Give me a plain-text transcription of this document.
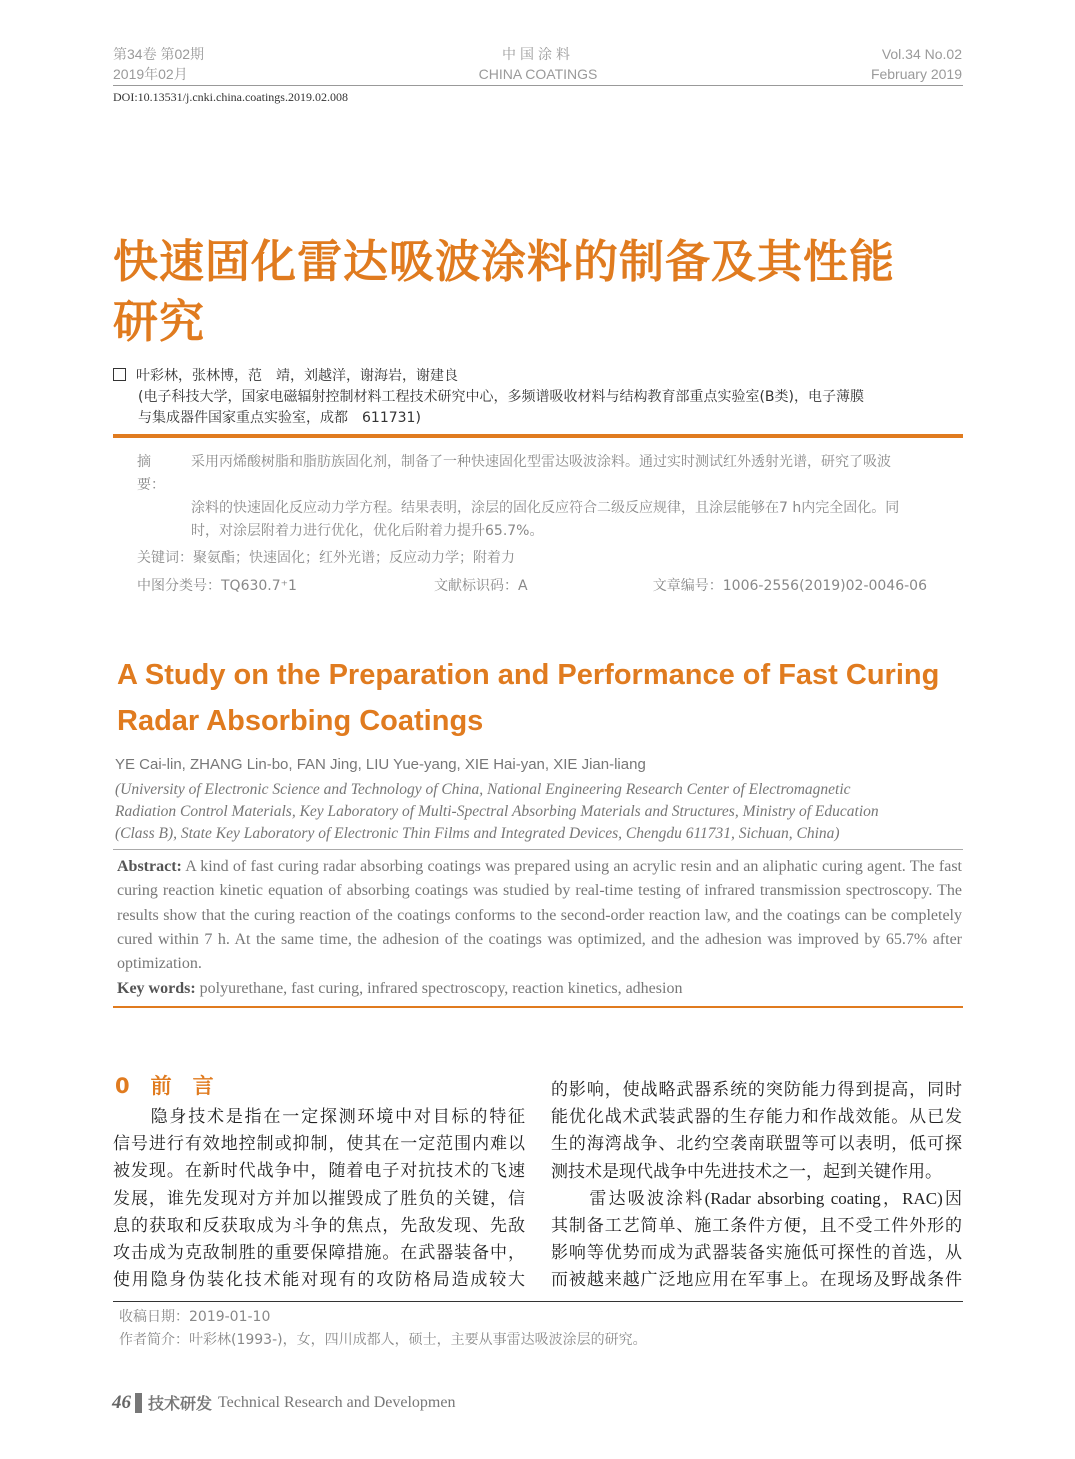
第34卷 第02期
2019年02月
中国涂料
CHINA COATINGS
Vol.34 No.02
February 2019
DOI:10.13531/j.cnki.china.coatings.2019.02.008
快速固化雷达吸波涂料的制备及其性能
研究
叶彩林，张林博，范　靖，刘越洋，谢海岩，谢建良
(电子科技大学，国家电磁辐射控制材料工程技术研究中心，多频谱吸收材料与结构教育部重点实验室(B类)，电子薄膜
与集成器件国家重点实验室，成都　611731)
摘　要：
采用丙烯酸树脂和脂肪族固化剂，制备了一种快速固化型雷达吸波涂料。通过实时测试红外透射光谱，研究了吸波
涂料的快速固化反应动力学方程。结果表明，涂层的固化反应符合二级反应规律，且涂层能够在7 h内完全固化。同
时，对涂层附着力进行优化，优化后附着力提升65.7%。
关键词：聚氨酯；快速固化；红外光谱；反应动力学；附着力
中图分类号：TQ630.7⁺1	文献标识码：A	文章编号：1006-2556(2019)02-0046-06
A Study on the Preparation and Performance of Fast Curing
Radar Absorbing Coatings
YE Cai-lin, ZHANG Lin-bo, FAN Jing, LIU Yue-yang, XIE Hai-yan, XIE Jian-liang
(University of Electronic Science and Technology of China, National Engineering Research Center of Electromagnetic
Radiation Control Materials, Key Laboratory of Multi-Spectral Absorbing Materials and Structures, Ministry of Education
(Class B), State Key Laboratory of Electronic Thin Films and Integrated Devices, Chengdu 611731, Sichuan, China)
Abstract: A kind of fast curing radar absorbing coatings was prepared using an acrylic resin and an aliphatic curing agent. The fast curing reaction kinetic equation of absorbing coatings was studied by real-time testing of infrared transmission spectroscopy. The results show that the curing reaction of the coatings conforms to the second-order reaction law, and the coatings can be completely cured within 7 h. At the same time, the adhesion of the coatings was optimized, and the adhesion was improved by 65.7% after optimization.
Key words: polyurethane, fast curing, infrared spectroscopy, reaction kinetics, adhesion
0　 前　言
　　隐身技术是指在一定探测环境中对目标的特征
信号进行有效地控制或抑制，使其在一定范围内难以
被发现。在新时代战争中，随着电子对抗技术的飞速
发展，谁先发现对方并加以摧毁成了胜负的关键，信
息的获取和反获取成为斗争的焦点，先敌发现、先敌
攻击成为克敌制胜的重要保障措施。在武器装备中，
使用隐身伪装化技术能对现有的攻防格局造成较大
的影响，使战略武器系统的突防能力得到提高，同时
能优化战术武装武器的生存能力和作战效能。从已发
生的海湾战争、北约空袭南联盟等可以表明，低可探
测技术是现代战争中先进技术之一，起到关键作用。
　　雷达吸波涂料(Radar absorbing coating，RAC)因
其制备工艺简单、施工条件方便，且不受工件外形的
影响等优势而成为武器装备实施低可探性的首选，从
而被越来越广泛地应用在军事上。在现场及野战条件
收稿日期：2019-01-10
作者简介：叶彩林(1993-)，女，四川成都人，硕士，主要从事雷达吸波涂层的研究。
46 技术研发 Technical Research and Developmen
